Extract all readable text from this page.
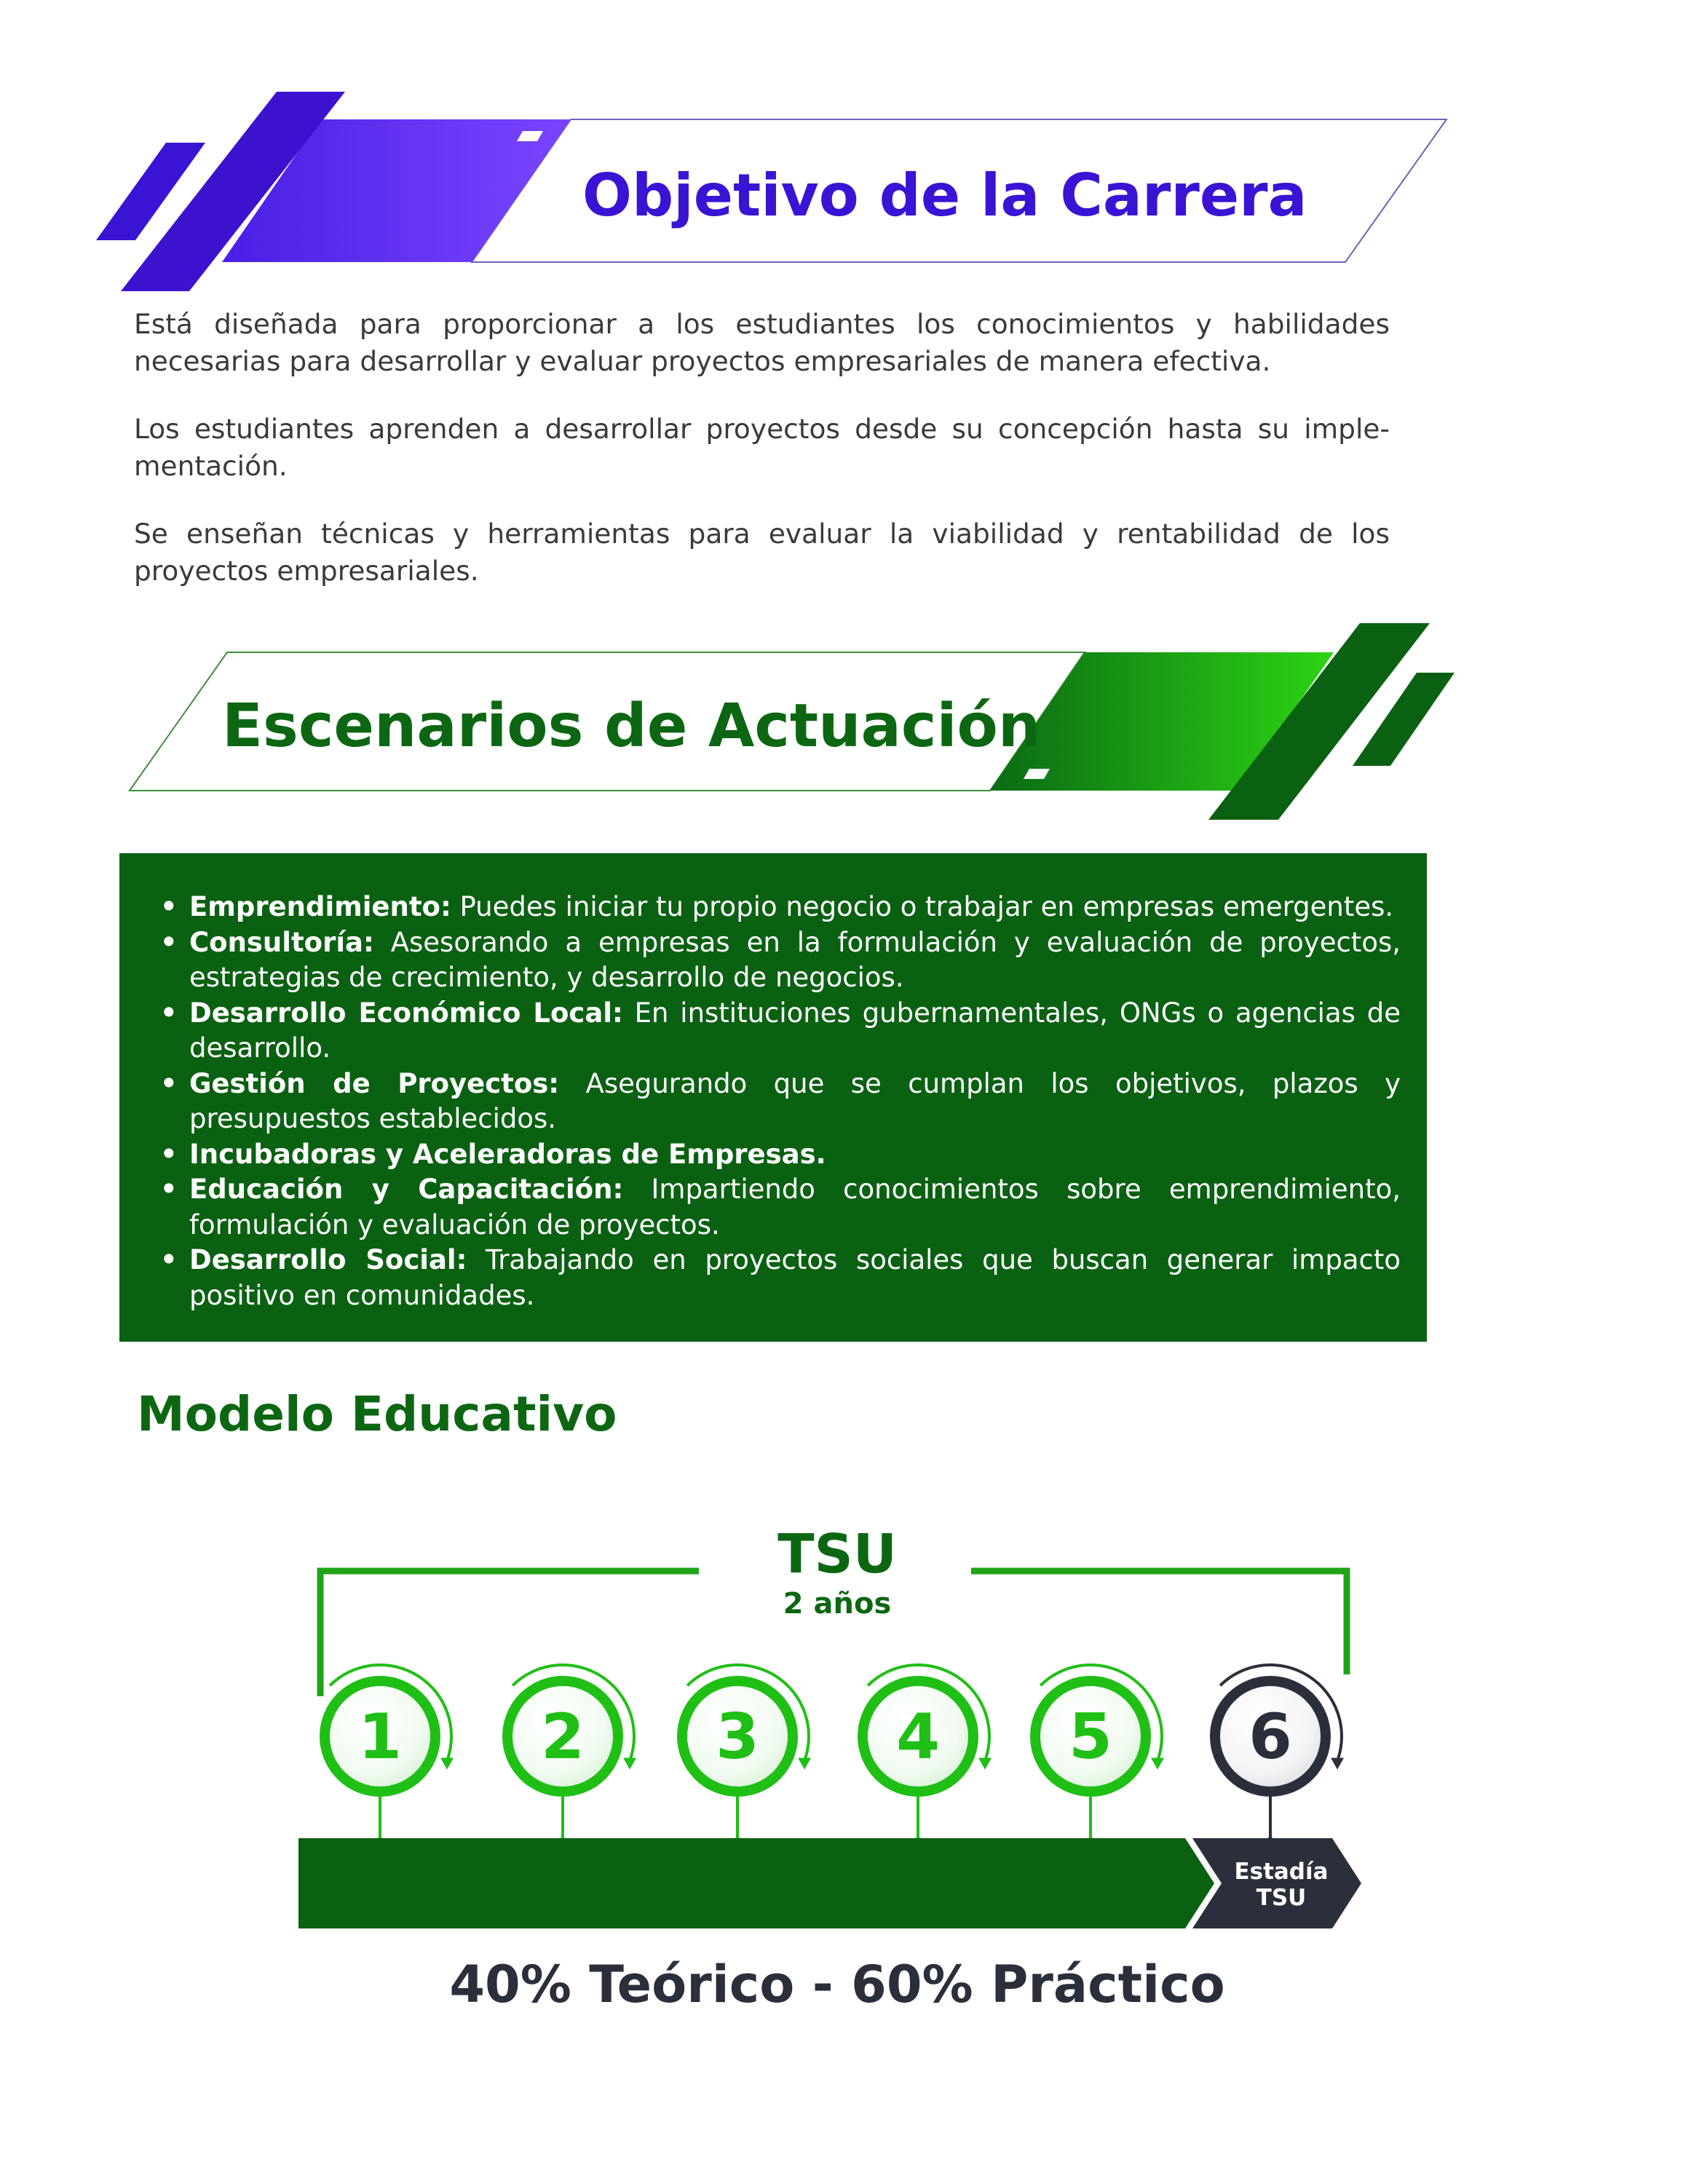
Objetivo de la Carrera

Está diseñada para proporcionar a los estudiantes los conocimientos y habilidades necesarias para desarrollar y evaluar proyectos empresariales de manera efectiva.

Los estudiantes aprenden a desarrollar proyectos desde su concepción hasta su imple-mentación.

Se enseñan técnicas y herramientas para evaluar la viabilidad y rentabilidad de los proyectos empresariales.

Escenarios de Actuación
• Emprendimiento: Puedes iniciar tu propio negocio o trabajar en empresas emergentes.
• Consultoría: Asesorando a empresas en la formulación y evaluación de proyectos, estrategias de crecimiento, y desarrollo de negocios.
• Desarrollo Económico Local: En instituciones gubernamentales, ONGs o agencias de desarrollo.
• Gestión de Proyectos: Asegurando que se cumplan los objetivos, plazos y presupuestos establecidos.
• Incubadoras y Aceleradoras de Empresas.
• Educación y Capacitación: Impartiendo conocimientos sobre emprendimiento, formulación y evaluación de proyectos.
• Desarrollo Social: Trabajando en proyectos sociales que buscan generar impacto positivo en comunidades.
Modelo Educativo
TSU
2 años
1 2 3 4 5 6
Estadía
TSU
40% Teórico - 60% Práctico
